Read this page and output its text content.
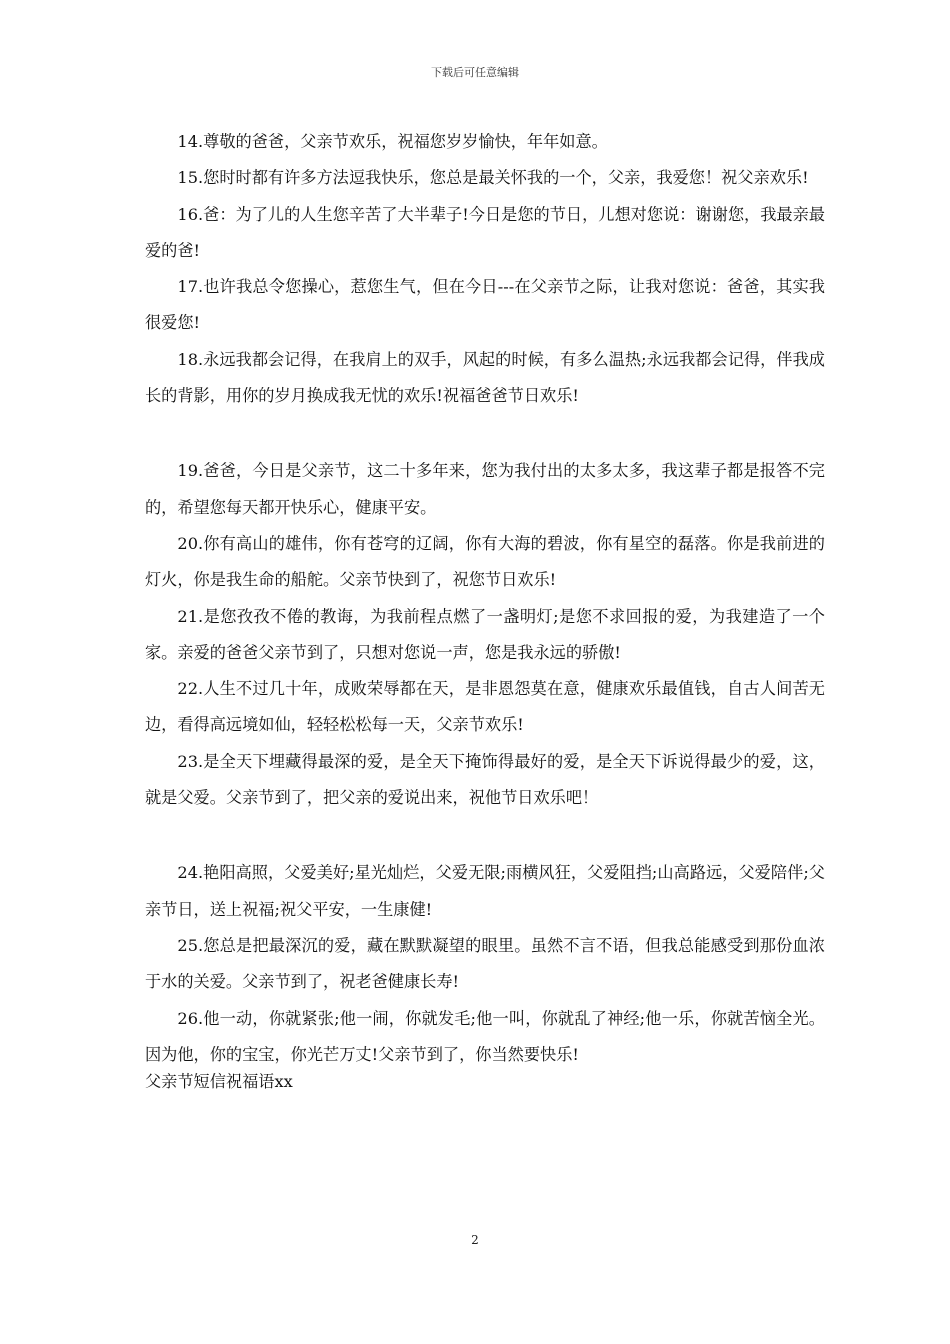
下载后可任意编辑

14.尊敬的爸爸，父亲节欢乐，祝福您岁岁愉快，年年如意。

15.您时时都有许多方法逗我快乐，您总是最关怀我的一个，父亲，我爱您！祝父亲欢乐!

16.爸：为了儿的人生您辛苦了大半辈子!今日是您的节日，儿想对您说：谢谢您，我最亲最爱的爸!

17.也许我总令您操心，惹您生气，但在今日---在父亲节之际，让我对您说：爸爸，其实我很爱您!

18.永远我都会记得，在我肩上的双手，风起的时候，有多么温热;永远我都会记得，伴我成长的背影，用你的岁月换成我无忧的欢乐!祝福爸爸节日欢乐!

19.爸爸，今日是父亲节，这二十多年来，您为我付出的太多太多，我这辈子都是报答不完的，希望您每天都开快乐心，健康平安。

20.你有高山的雄伟，你有苍穹的辽阔，你有大海的碧波，你有星空的磊落。你是我前进的灯火，你是我生命的船舵。父亲节快到了，祝您节日欢乐!

21.是您孜孜不倦的教诲，为我前程点燃了一盏明灯;是您不求回报的爱，为我建造了一个家。亲爱的爸爸父亲节到了，只想对您说一声，您是我永远的骄傲!

22.人生不过几十年，成败荣辱都在天，是非恩怨莫在意，健康欢乐最值钱，自古人间苦无边，看得高远境如仙，轻轻松松每一天，父亲节欢乐!

23.是全天下埋藏得最深的爱，是全天下掩饰得最好的爱，是全天下诉说得最少的爱，这，就是父爱。父亲节到了，把父亲的爱说出来，祝他节日欢乐吧！

24.艳阳高照，父爱美好;星光灿烂，父爱无限;雨横风狂，父爱阻挡;山高路远，父爱陪伴;父亲节日，送上祝福;祝父平安，一生康健!

25.您总是把最深沉的爱，藏在默默凝望的眼里。虽然不言不语，但我总能感受到那份血浓于水的关爱。父亲节到了，祝老爸健康长寿!

26.他一动，你就紧张;他一闹，你就发毛;他一叫，你就乱了神经;他一乐，你就苦恼全光。因为他，你的宝宝，你光芒万丈!父亲节到了，你当然要快乐!

父亲节短信祝福语xx

2
